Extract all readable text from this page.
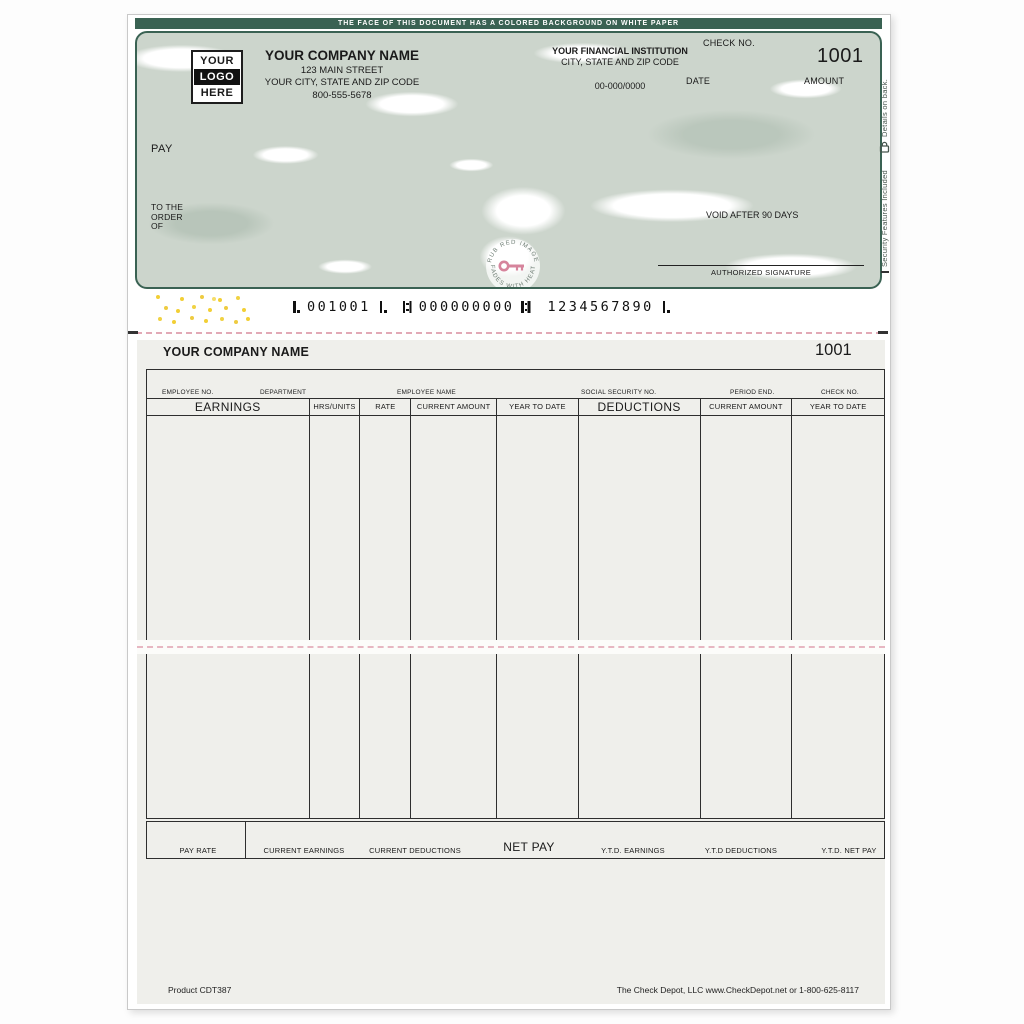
THE FACE OF THIS DOCUMENT HAS A COLORED BACKGROUND ON WHITE PAPER
YOUR
LOGO
HERE
YOUR COMPANY NAME
123 MAIN STREET
YOUR CITY, STATE AND ZIP CODE
800-555-5678
YOUR FINANCIAL INSTITUTION
CITY, STATE AND ZIP CODE
00-000/0000
CHECK NO.
1001
DATE	AMOUNT
PAY
TO THE
ORDER
OF
VOID AFTER 90 DAYS
AUTHORIZED SIGNATURE
RUB RED IMAGE
FADES WITH HEAT
Details on back.
Security Features Included
001001	000000000 1234567890
YOUR COMPANY NAME	1001
EMPLOYEE NO.	DEPARTMENT	EMPLOYEE NAME	SOCIAL SECURITY NO.	PERIOD END.	CHECK NO.
EARNINGS	HRS/UNITS	RATE	CURRENT AMOUNT	YEAR TO DATE	DEDUCTIONS	CURRENT AMOUNT	YEAR TO DATE
PAY RATE	CURRENT EARNINGS	CURRENT DEDUCTIONS	NET PAY	Y.T.D. EARNINGS	Y.T.D DEDUCTIONS	Y.T.D. NET PAY
Product CDT387	The Check Depot, LLC www.CheckDepot.net or 1-800-625-8117
